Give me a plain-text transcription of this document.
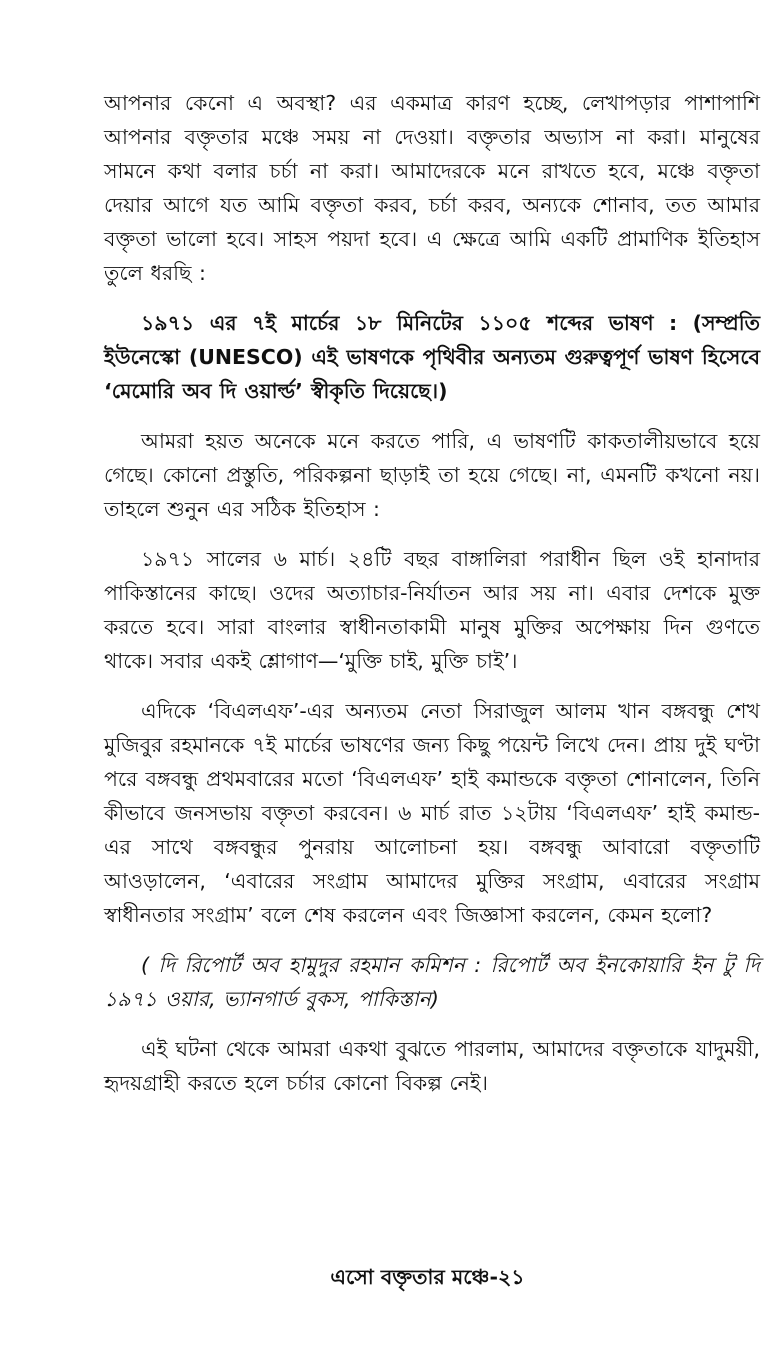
আপনার কেনো এ অবস্থা? এর একমাত্র কারণ হচ্ছে, লেখাপড়ার পাশাপাশি আপনার বক্তৃতার মঞ্চে সময় না দেওয়া। বক্তৃতার অভ্যাস না করা। মানুষের সামনে কথা বলার চর্চা না করা। আমাদেরকে মনে রাখতে হবে, মঞ্চে বক্তৃতা দেয়ার আগে যত আমি বক্তৃতা করব, চর্চা করব, অন্যকে শোনাব, তত আমার বক্তৃতা ভালো হবে। সাহস পয়দা হবে। এ ক্ষেত্রে আমি একটি প্রামাণিক ইতিহাস তুলে ধরছি :

১৯৭১ এর ৭ই মার্চের ১৮ মিনিটের ১১০৫ শব্দের ভাষণ : (সম্প্রতি ইউনেস্কো (UNESCO) এই ভাষণকে পৃথিবীর অন্যতম গুরুত্বপূর্ণ ভাষণ হিসেবে ‘মেমোরি অব দি ওয়ার্ল্ড’ স্বীকৃতি দিয়েছে।)

আমরা হয়ত অনেকে মনে করতে পারি, এ ভাষণটি কাকতালীয়ভাবে হয়ে গেছে। কোনো প্রস্তুতি, পরিকল্পনা ছাড়াই তা হয়ে গেছে। না, এমনটি কখনো নয়। তাহলে শুনুন এর সঠিক ইতিহাস :

১৯৭১ সালের ৬ মার্চ। ২৪টি বছর বাঙ্গালিরা পরাধীন ছিল ওই হানাদার পাকিস্তানের কাছে। ওদের অত্যাচার-নির্যাতন আর সয় না। এবার দেশকে মুক্ত করতে হবে। সারা বাংলার স্বাধীনতাকামী মানুষ মুক্তির অপেক্ষায় দিন গুণতে থাকে। সবার একই শ্লোগাণ—‘মুক্তি চাই, মুক্তি চাই’।

এদিকে ‘বিএলএফ’-এর অন্যতম নেতা সিরাজুল আলম খান বঙ্গবন্ধু শেখ মুজিবুর রহমানকে ৭ই মার্চের ভাষণের জন্য কিছু পয়েন্ট লিখে দেন। প্রায় দুই ঘণ্টা পরে বঙ্গবন্ধু প্রথমবারের মতো ‘বিএলএফ’ হাই কমান্ডকে বক্তৃতা শোনালেন, তিনি কীভাবে জনসভায় বক্তৃতা করবেন। ৬ মার্চ রাত ১২টায় ‘বিএলএফ’ হাই কমান্ড-এর সাথে বঙ্গবন্ধুর পুনরায় আলোচনা হয়। বঙ্গবন্ধু আবারো বক্তৃতাটি আওড়ালেন, ‘এবারের সংগ্রাম আমাদের মুক্তির সংগ্রাম, এবারের সংগ্রাম স্বাধীনতার সংগ্রাম’ বলে শেষ করলেন এবং জিজ্ঞাসা করলেন, কেমন হলো?

( দি রিপোর্ট অব হামুদুর রহমান কমিশন : রিপোর্ট অব ইনকোয়ারি ইন টু দি ১৯৭১ ওয়ার, ভ্যানগার্ড বুকস, পাকিস্তান)

এই ঘটনা থেকে আমরা একথা বুঝতে পারলাম, আমাদের বক্তৃতাকে যাদুময়ী, হৃদয়গ্রাহী করতে হলে চর্চার কোনো বিকল্প নেই।

এসো বক্তৃতার মঞ্চে-২১
